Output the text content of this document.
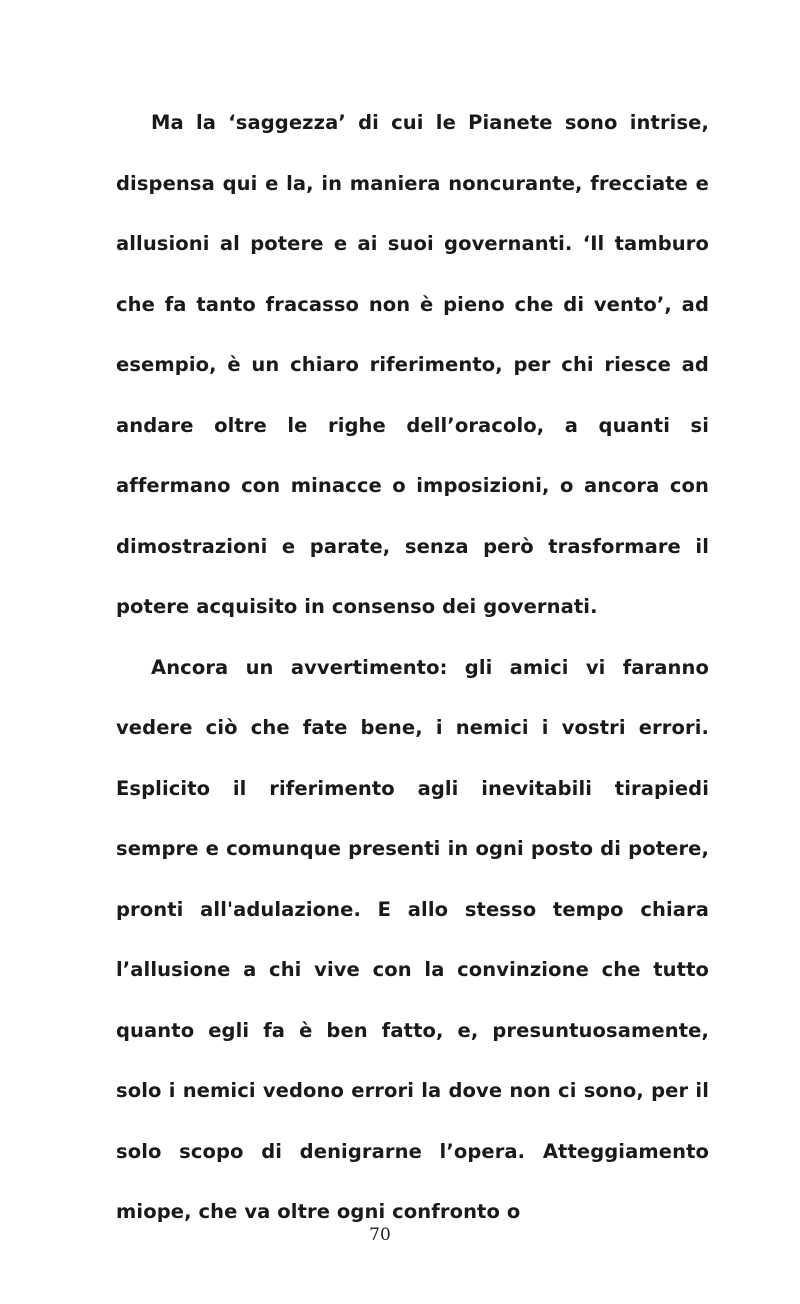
Ma la ‘saggezza’ di cui le Pianete sono intrise, dispensa qui e la, in maniera noncurante, frecciate e allusioni al potere e ai suoi governanti. ‘Il tamburo che fa tanto fracasso non è pieno che di vento’, ad esempio, è un chiaro riferimento, per chi riesce ad andare oltre le righe dell’oracolo, a quanti si affermano con minacce o imposizioni, o ancora con dimostrazioni e parate, senza però trasformare il potere acquisito in consenso dei governati.

Ancora un avvertimento: gli amici vi faranno vedere ciò che fate bene, i nemici i vostri errori. Esplicito il riferimento agli inevitabili tirapiedi sempre e comunque presenti in ogni posto di potere, pronti all'adulazione. E allo stesso tempo chiara l’allusione a chi vive con la convinzione che tutto quanto egli fa è ben fatto, e, presuntuosamente, solo i nemici vedono errori la dove non ci sono, per il solo scopo di denigrarne l’opera. Atteggiamento miope, che va oltre ogni confronto o

70
